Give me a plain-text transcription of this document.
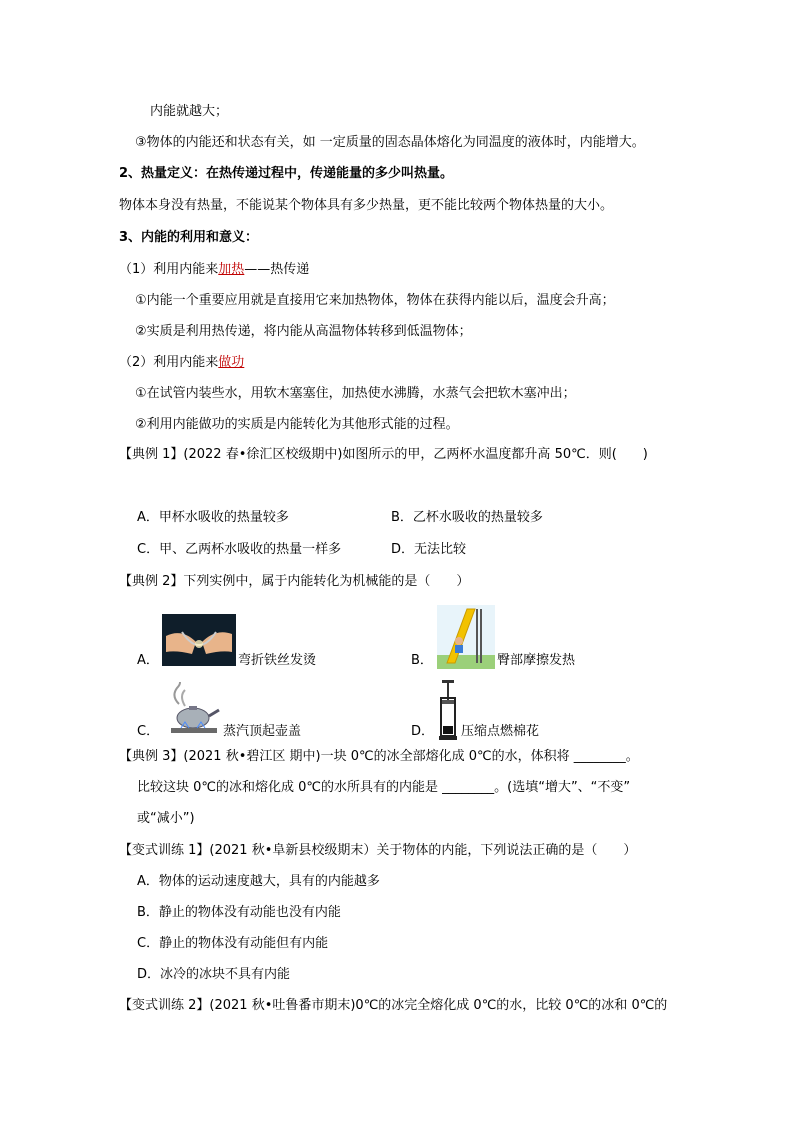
内能就越大；
③物体的内能还和状态有关，如 一定质量的固态晶体熔化为同温度的液体时，内能增大。
2、热量定义：在热传递过程中，传递能量的多少叫热量。
物体本身没有热量，不能说某个物体具有多少热量，更不能比较两个物体热量的大小。
3、内能的利用和意义：
（1）利用内能来加热——热传递
①内能一个重要应用就是直接用它来加热物体，物体在获得内能以后，温度会升高；
②实质是利用热传递，将内能从高温物体转移到低温物体；
（2）利用内能来做功
①在试管内装些水，用软木塞塞住，加热使水沸腾，水蒸气会把软木塞冲出；
②利用内能做功的实质是内能转化为其他形式能的过程。
【典例 1】(2022 春•徐汇区校级期中)如图所示的甲，乙两杯水温度都升高 50℃．则(　　)
A．甲杯水吸收的热量较多	B．乙杯水吸收的热量较多
C．甲、乙两杯水吸收的热量一样多	D．无法比较
【典例 2】下列实例中，属于内能转化为机械能的是（　　）
A．	弯折铁丝发烫	B．	臀部摩擦发热
C．	蒸汽顶起壶盖	D． 压缩点燃棉花
【典例 3】(2021 秋•碧江区 期中)一块 0℃的冰全部熔化成 0℃的水，体积将 ________。
比较这块 0℃的冰和熔化成 0℃的水所具有的内能是 ________。(选填“增大”、“不变”
或“减小”)
【变式训练 1】(2021 秋•阜新县校级期末）关于物体的内能，下列说法正确的是（　　）
A．物体的运动速度越大，具有的内能越多
B．静止的物体没有动能也没有内能
C．静止的物体没有动能但有内能
D．冰冷的冰块不具有内能
【变式训练 2】(2021 秋•吐鲁番市期末)0℃的冰完全熔化成 0℃的水，比较 0℃的冰和 0℃的
